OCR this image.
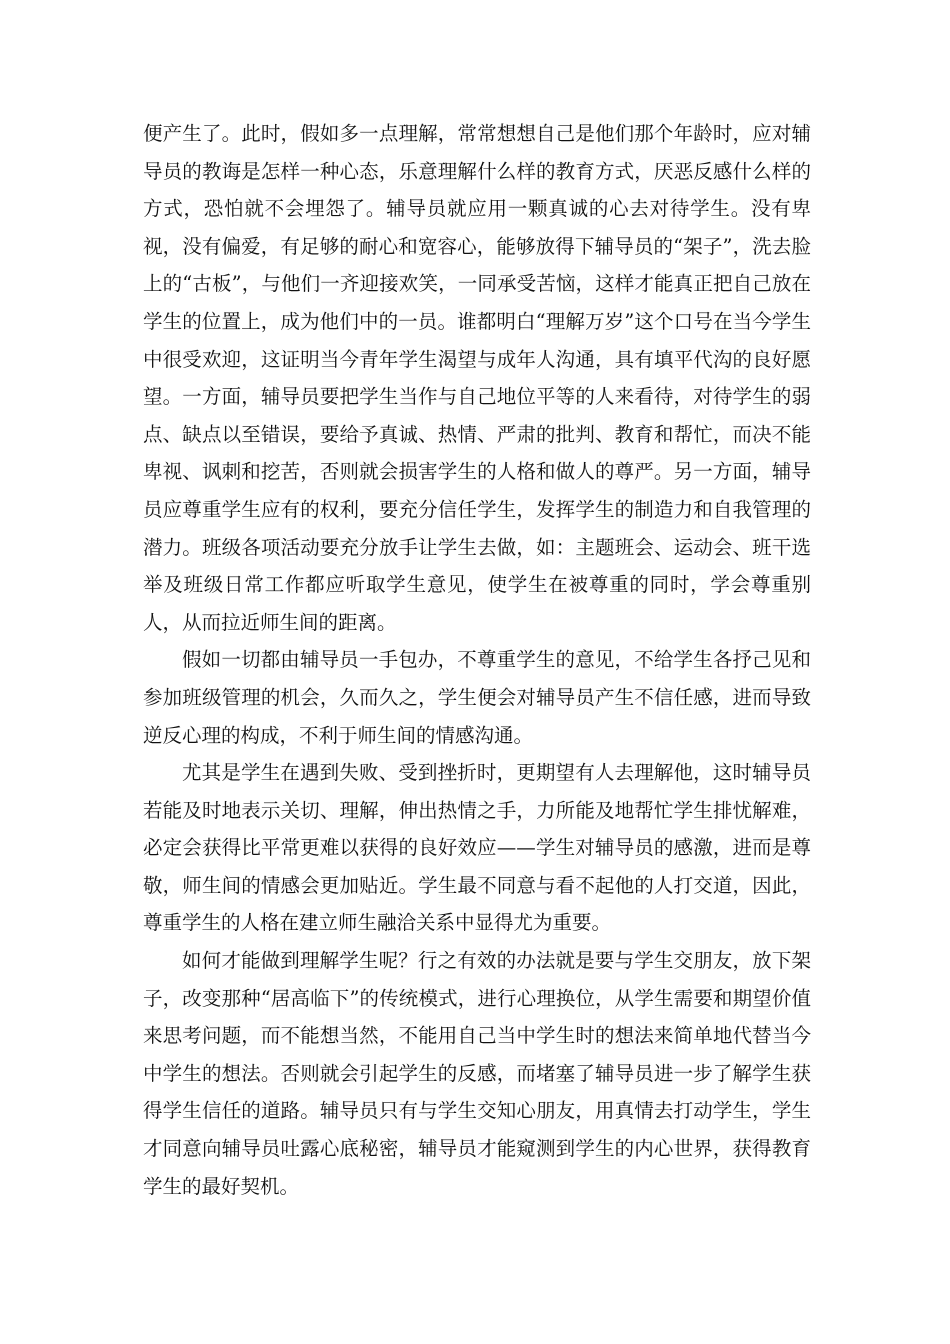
便产生了。此时，假如多一点理解，常常想想自己是他们那个年龄时，应对辅导员的教诲是怎样一种心态，乐意理解什么样的教育方式，厌恶反感什么样的方式，恐怕就不会埋怨了。辅导员就应用一颗真诚的心去对待学生。没有卑视，没有偏爱，有足够的耐心和宽容心，能够放得下辅导员的“架子”，洗去脸上的“古板”，与他们一齐迎接欢笑，一同承受苦恼，这样才能真正把自己放在学生的位置上，成为他们中的一员。谁都明白“理解万岁”这个口号在当今学生中很受欢迎，这证明当今青年学生渴望与成年人沟通，具有填平代沟的良好愿望。一方面，辅导员要把学生当作与自己地位平等的人来看待，对待学生的弱点、缺点以至错误，要给予真诚、热情、严肃的批判、教育和帮忙，而决不能卑视、讽刺和挖苦，否则就会损害学生的人格和做人的尊严。另一方面，辅导员应尊重学生应有的权利，要充分信任学生，发挥学生的制造力和自我管理的潜力。班级各项活动要充分放手让学生去做，如：主题班会、运动会、班干选举及班级日常工作都应听取学生意见，使学生在被尊重的同时，学会尊重别人，从而拉近师生间的距离。

假如一切都由辅导员一手包办，不尊重学生的意见，不给学生各抒己见和参加班级管理的机会，久而久之，学生便会对辅导员产生不信任感，进而导致逆反心理的构成，不利于师生间的情感沟通。

尤其是学生在遇到失败、受到挫折时，更期望有人去理解他，这时辅导员若能及时地表示关切、理解，伸出热情之手，力所能及地帮忙学生排忧解难，必定会获得比平常更难以获得的良好效应——学生对辅导员的感激，进而是尊敬，师生间的情感会更加贴近。学生最不同意与看不起他的人打交道，因此，尊重学生的人格在建立师生融洽关系中显得尤为重要。

如何才能做到理解学生呢？行之有效的办法就是要与学生交朋友，放下架子，改变那种“居高临下”的传统模式，进行心理换位，从学生需要和期望价值来思考问题，而不能想当然，不能用自己当中学生时的想法来简单地代替当今中学生的想法。否则就会引起学生的反感，而堵塞了辅导员进一步了解学生获得学生信任的道路。辅导员只有与学生交知心朋友，用真情去打动学生，学生才同意向辅导员吐露心底秘密，辅导员才能窥测到学生的内心世界，获得教育学生的最好契机。
